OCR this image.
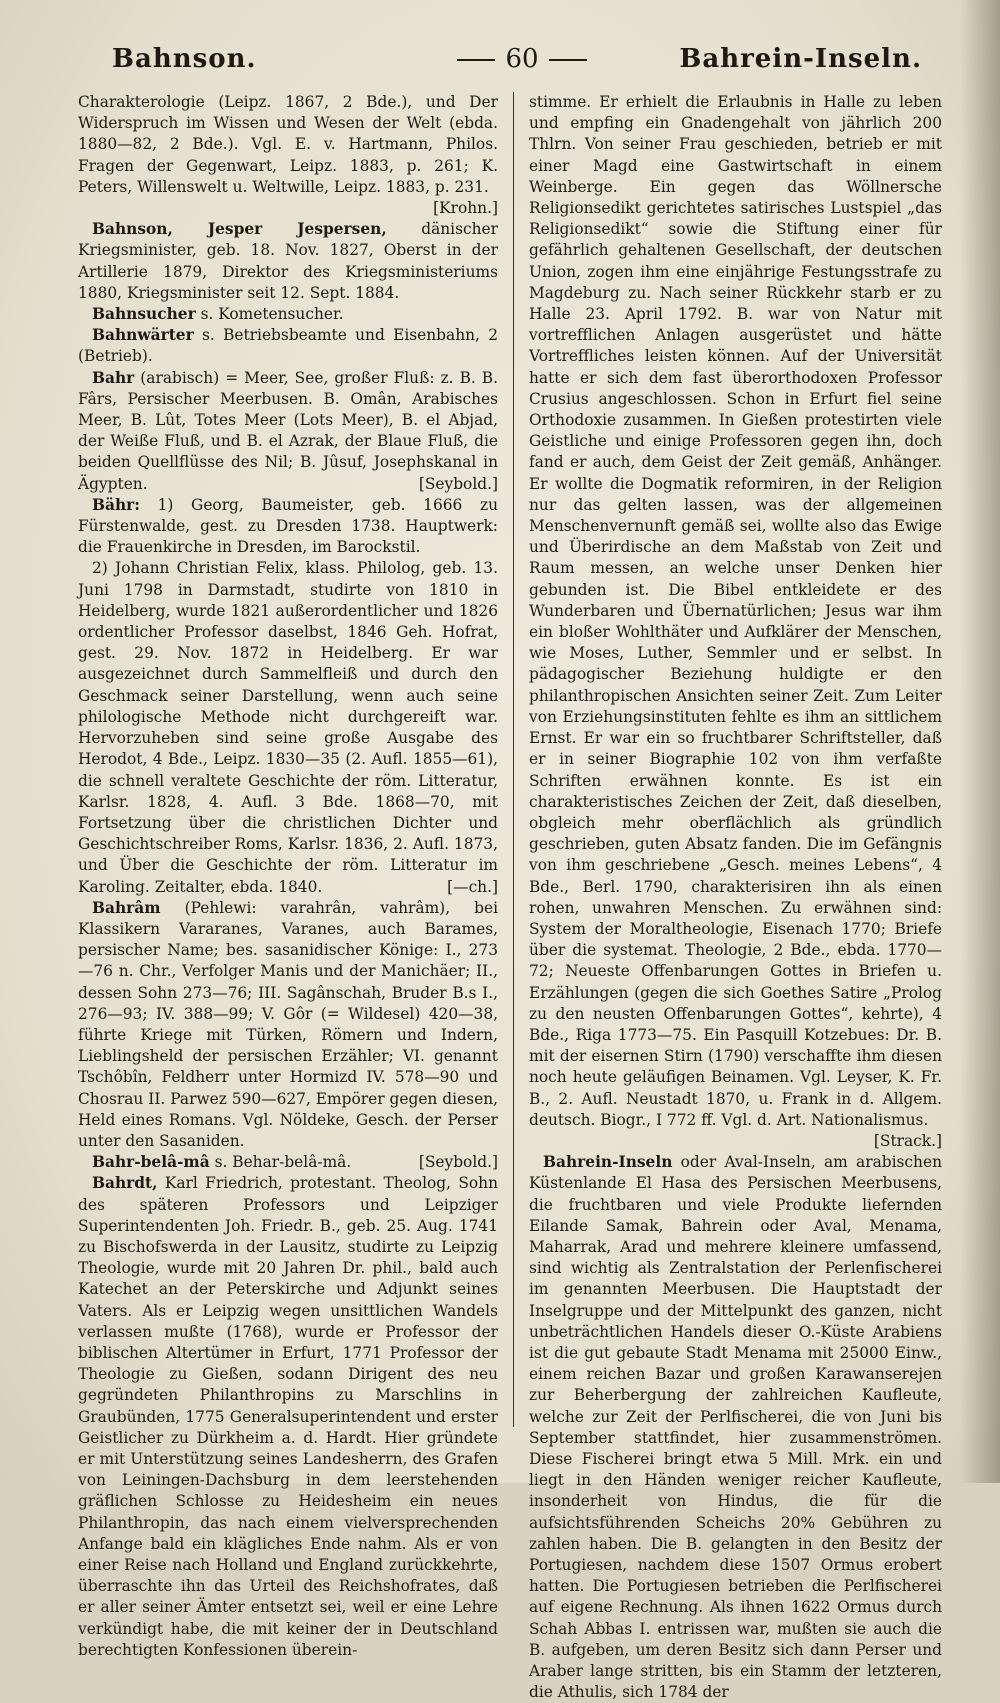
Bahnson.	60	Bahrein-Inseln.

Charakterologie (Leipz. 1867, 2 Bde.), und Der Widerspruch im Wissen und Wesen der Welt (ebda. 1880—82, 2 Bde.). Vgl. E. v. Hartmann, Philos. Fragen der Gegenwart, Leipz. 1883, p. 261; K. Peters, Willenswelt u. Weltwille, Leipz. 1883, p. 231.
[Krohn.]

Bahnson, Jesper Jespersen, dänischer Kriegsminister, geb. 18. Nov. 1827, Oberst in der Artillerie 1879, Direktor des Kriegsministeriums 1880, Kriegsminister seit 12. Sept. 1884.

Bahnsucher s. Kometensucher.

Bahnwärter s. Betriebsbeamte und Eisenbahn, 2 (Betrieb).

Bahr (arabisch) = Meer, See, großer Fluß: z. B. B. Fârs, Persischer Meerbusen. B. Omân, Arabisches Meer, B. Lût, Totes Meer (Lots Meer), B. el Abjad, der Weiße Fluß, und B. el Azrak, der Blaue Fluß, die beiden Quellflüsse des Nil; B. Jûsuf, Josephskanal in Ägypten.	[Seybold.]

Bähr: 1) Georg, Baumeister, geb. 1666 zu Fürstenwalde, gest. zu Dresden 1738. Hauptwerk: die Frauenkirche in Dresden, im Barockstil.

2) Johann Christian Felix, klass. Philolog, geb. 13. Juni 1798 in Darmstadt, studirte von 1810 in Heidelberg, wurde 1821 außerordentlicher und 1826 ordentlicher Professor daselbst, 1846 Geh. Hofrat, gest. 29. Nov. 1872 in Heidelberg. Er war ausgezeichnet durch Sammelfleiß und durch den Geschmack seiner Darstellung, wenn auch seine philologische Methode nicht durchgereift war. Hervorzuheben sind seine große Ausgabe des Herodot, 4 Bde., Leipz. 1830—35 (2. Aufl. 1855—61), die schnell veraltete Geschichte der röm. Litteratur, Karlsr. 1828, 4. Aufl. 3 Bde. 1868—70, mit Fortsetzung über die christlichen Dichter und Geschichtschreiber Roms, Karlsr. 1836, 2. Aufl. 1873, und Über die Geschichte der röm. Litteratur im Karoling. Zeitalter, ebda. 1840.	[—ch.]

Bahrâm (Pehlewi: varahrân, vahrâm), bei Klassikern Vararanes, Varanes, auch Barames, persischer Name; bes. sasanidischer Könige: I., 273—76 n. Chr., Verfolger Manis und der Manichäer; II., dessen Sohn 273—76; III. Sagânschah, Bruder B.s I., 276—93; IV. 388—99; V. Gôr (= Wildesel) 420—38, führte Kriege mit Türken, Römern und Indern, Lieblingsheld der persischen Erzähler; VI. genannt Tschôbîn, Feldherr unter Hormizd IV. 578—90 und Chosrau II. Parwez 590—627, Empörer gegen diesen, Held eines Romans. Vgl. Nöldeke, Gesch. der Perser unter den Sasaniden.

Bahr-belâ-mâ s. Behar-belâ-mâ.	[Seybold.]

Bahrdt, Karl Friedrich, protestant. Theolog, Sohn des späteren Professors und Leipziger Superintendenten Joh. Friedr. B., geb. 25. Aug. 1741 zu Bischofswerda in der Lausitz, studirte zu Leipzig Theologie, wurde mit 20 Jahren Dr. phil., bald auch Katechet an der Peterskirche und Adjunkt seines Vaters. Als er Leipzig wegen unsittlichen Wandels verlassen mußte (1768), wurde er Professor der biblischen Altertümer in Erfurt, 1771 Professor der Theologie zu Gießen, sodann Dirigent des neu gegründeten Philanthropins zu Marschlins in Graubünden, 1775 Generalsuperintendent und erster Geistlicher zu Dürkheim a. d. Hardt. Hier gründete er mit Unterstützung seines Landesherrn, des Grafen von Leiningen-Dachsburg in dem leerstehenden gräflichen Schlosse zu Heidesheim ein neues Philanthropin, das nach einem vielversprechenden Anfange bald ein klägliches Ende nahm. Als er von einer Reise nach Holland und England zurückkehrte, überraschte ihn das Urteil des Reichshofrates, daß er aller seiner Ämter entsetzt sei, weil er eine Lehre verkündigt habe, die mit keiner der in Deutschland berechtigten Konfessionen überein-

stimme. Er erhielt die Erlaubnis in Halle zu leben und empfing ein Gnadengehalt von jährlich 200 Thlrn. Von seiner Frau geschieden, betrieb er mit einer Magd eine Gastwirtschaft in einem Weinberge. Ein gegen das Wöllnersche Religionsedikt gerichtetes satirisches Lustspiel „das Religionsedikt“ sowie die Stiftung einer für gefährlich gehaltenen Gesellschaft, der deutschen Union, zogen ihm eine einjährige Festungsstrafe zu Magdeburg zu. Nach seiner Rückkehr starb er zu Halle 23. April 1792. B. war von Natur mit vortrefflichen Anlagen ausgerüstet und hätte Vortreffliches leisten können. Auf der Universität hatte er sich dem fast überorthodoxen Professor Crusius angeschlossen. Schon in Erfurt fiel seine Orthodoxie zusammen. In Gießen protestirten viele Geistliche und einige Professoren gegen ihn, doch fand er auch, dem Geist der Zeit gemäß, Anhänger. Er wollte die Dogmatik reformiren, in der Religion nur das gelten lassen, was der allgemeinen Menschenvernunft gemäß sei, wollte also das Ewige und Überirdische an dem Maßstab von Zeit und Raum messen, an welche unser Denken hier gebunden ist. Die Bibel entkleidete er des Wunderbaren und Übernatürlichen; Jesus war ihm ein bloßer Wohlthäter und Aufklärer der Menschen, wie Moses, Luther, Semmler und er selbst. In pädagogischer Beziehung huldigte er den philanthropischen Ansichten seiner Zeit. Zum Leiter von Erziehungsinstituten fehlte es ihm an sittlichem Ernst. Er war ein so fruchtbarer Schriftsteller, daß er in seiner Biographie 102 von ihm verfaßte Schriften erwähnen konnte. Es ist ein charakteristisches Zeichen der Zeit, daß dieselben, obgleich mehr oberflächlich als gründlich geschrieben, guten Absatz fanden. Die im Gefängnis von ihm geschriebene „Gesch. meines Lebens“, 4 Bde., Berl. 1790, charakterisiren ihn als einen rohen, unwahren Menschen. Zu erwähnen sind: System der Moraltheologie, Eisenach 1770; Briefe über die systemat. Theologie, 2 Bde., ebda. 1770—72; Neueste Offenbarungen Gottes in Briefen u. Erzählungen (gegen die sich Goethes Satire „Prolog zu den neusten Offenbarungen Gottes“, kehrte), 4 Bde., Riga 1773—75. Ein Pasquill Kotzebues: Dr. B. mit der eisernen Stirn (1790) verschaffte ihm diesen noch heute geläufigen Beinamen. Vgl. Leyser, K. Fr. B., 2. Aufl. Neustadt 1870, u. Frank in d. Allgem. deutsch. Biogr., I 772 ff. Vgl. d. Art. Nationalismus.
[Strack.]

Bahrein-Inseln oder Aval-Inseln, am arabischen Küstenlande El Hasa des Persischen Meerbusens, die fruchtbaren und viele Produkte liefernden Eilande Samak, Bahrein oder Aval, Menama, Maharrak, Arad und mehrere kleinere umfassend, sind wichtig als Zentralstation der Perlenfischerei im genannten Meerbusen. Die Hauptstadt der Inselgruppe und der Mittelpunkt des ganzen, nicht unbeträchtlichen Handels dieser O.-Küste Arabiens ist die gut gebaute Stadt Menama mit 25000 Einw., einem reichen Bazar und großen Karawanserejen zur Beherbergung der zahlreichen Kaufleute, welche zur Zeit der Perlfischerei, die von Juni bis September stattfindet, hier zusammenströmen. Diese Fischerei bringt etwa 5 Mill. Mrk. ein und liegt in den Händen weniger reicher Kaufleute, insonderheit von Hindus, die für die aufsichtsführenden Scheichs 20% Gebühren zu zahlen haben. Die B. gelangten in den Besitz der Portugiesen, nachdem diese 1507 Ormus erobert hatten. Die Portugiesen betrieben die Perlfischerei auf eigene Rechnung. Als ihnen 1622 Ormus durch Schah Abbas I. entrissen war, mußten sie auch die B. aufgeben, um deren Besitz sich dann Perser und Araber lange stritten, bis ein Stamm der letzteren, die Athulis, sich 1784 der
